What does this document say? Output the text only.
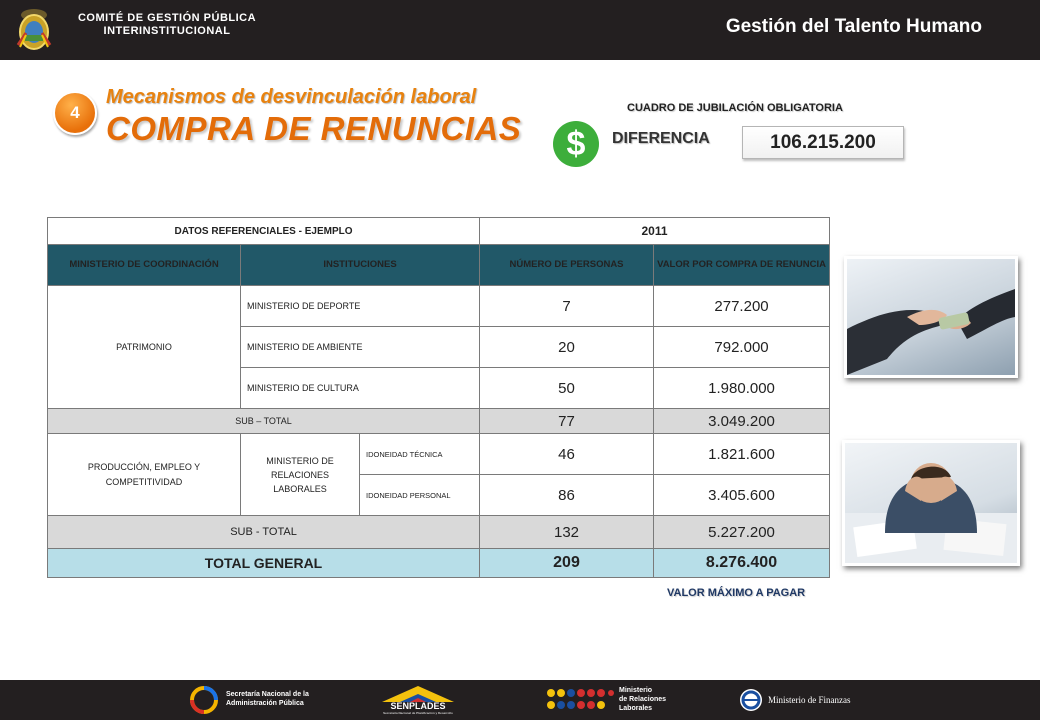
COMITÉ DE GESTIÓN PÚBLICA
INTERINSTITUCIONAL	Gestión del Talento Humano
4
Mecanismos de desvinculación laboral
COMPRA DE RENUNCIAS
CUADRO DE JUBILACIÓN OBLIGATORIA
$	DIFERENCIA	106.215.200
DATOS REFERENCIALES - EJEMPLO			2011	
MINISTERIO DE COORDINACIÓN	INSTITUCIONES		NÚMERO DE PERSONAS	VALOR POR COMPRA DE RENUNCIA
PATRIMONIO	MINISTERIO DE DEPORTE		7	277.200
	MINISTERIO DE AMBIENTE		20	792.000
	MINISTERIO DE CULTURA		50	1.980.000
SUB – TOTAL			77	3.049.200
PRODUCCIÓN, EMPLEO Y COMPETITIVIDAD	MINISTERIO DE RELACIONES LABORALES	IDONEIDAD TÉCNICA	46	1.821.600
		IDONEIDAD PERSONAL	86	3.405.600
SUB - TOTAL			132	5.227.200
TOTAL GENERAL			209	8.276.400
VALOR MÁXIMO A PAGAR
Secretaría Nacional de la
Administración Pública	SENPLADES
Secretaría Nacional de Planificación y Desarrollo
Ministerio
de Relaciones
Laborales
Ministerio de Finanzas
